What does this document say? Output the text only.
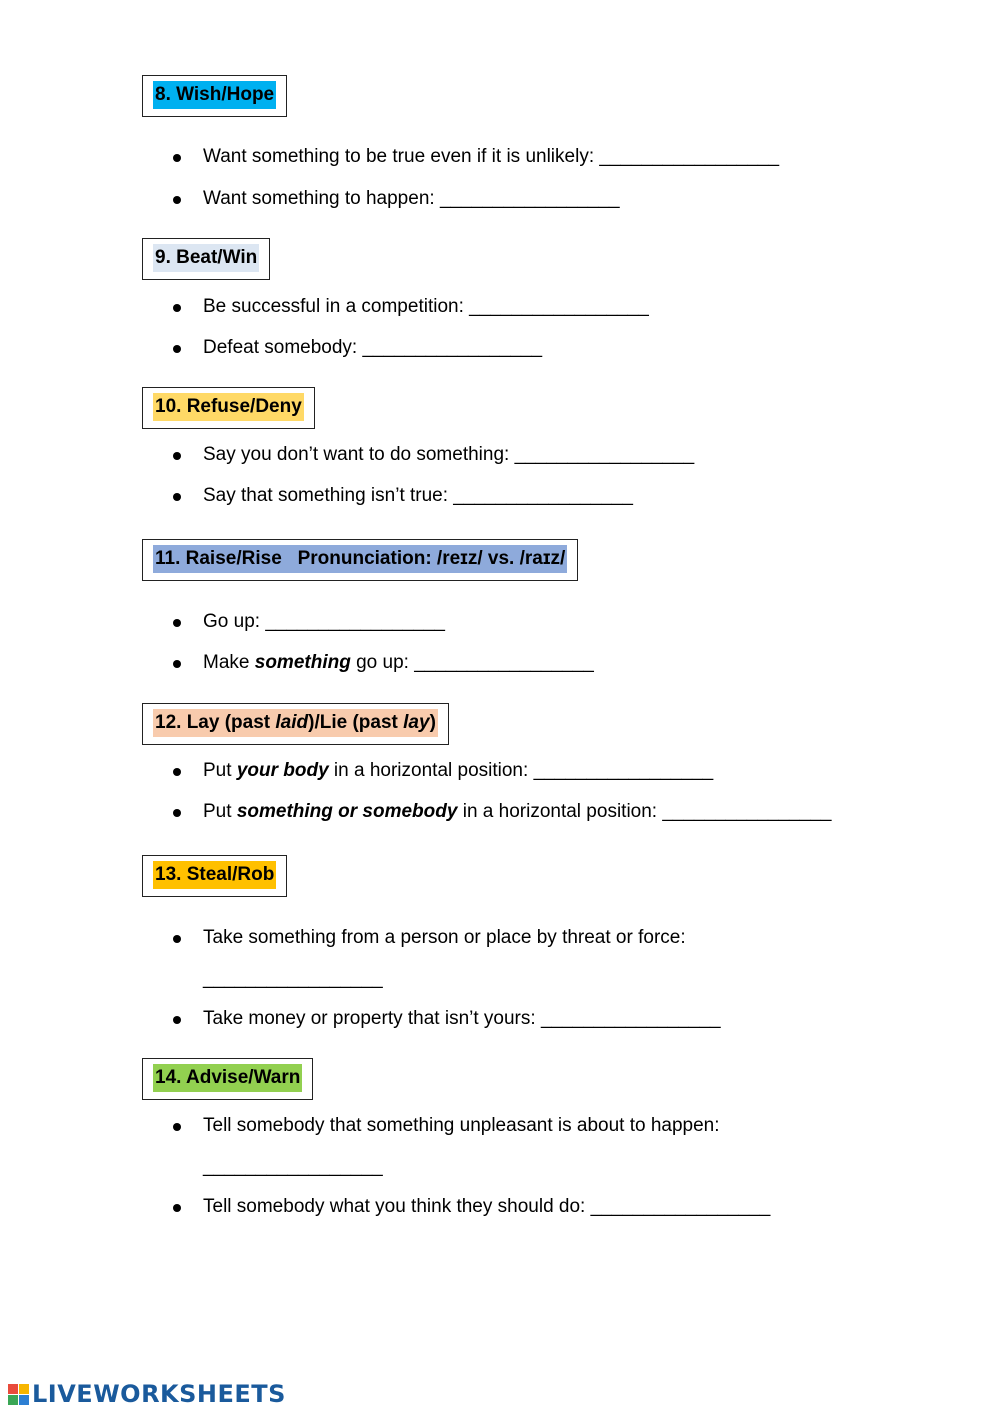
8. Wish/Hope
Want something to be true even if it is unlikely: _________________
Want something to happen: _________________
9. Beat/Win
Be successful in a competition: _________________
Defeat somebody: _________________
10. Refuse/Deny
Say you don’t want to do something: _________________
Say that something isn’t true: _________________
11. Raise/Rise   Pronunciation: /reɪz/ vs. /raɪz/
Go up: _________________
Make something go up: _________________
12. Lay (past laid)/Lie (past lay)
Put your body in a horizontal position: _________________
Put something or somebody in a horizontal position: ________________
13. Steal/Rob
Take something from a person or place by threat or force:
_________________
Take money or property that isn’t yours: _________________
14. Advise/Warn
Tell somebody that something unpleasant is about to happen:
_________________
Tell somebody what you think they should do: _________________
LIVEWORKSHEETS
